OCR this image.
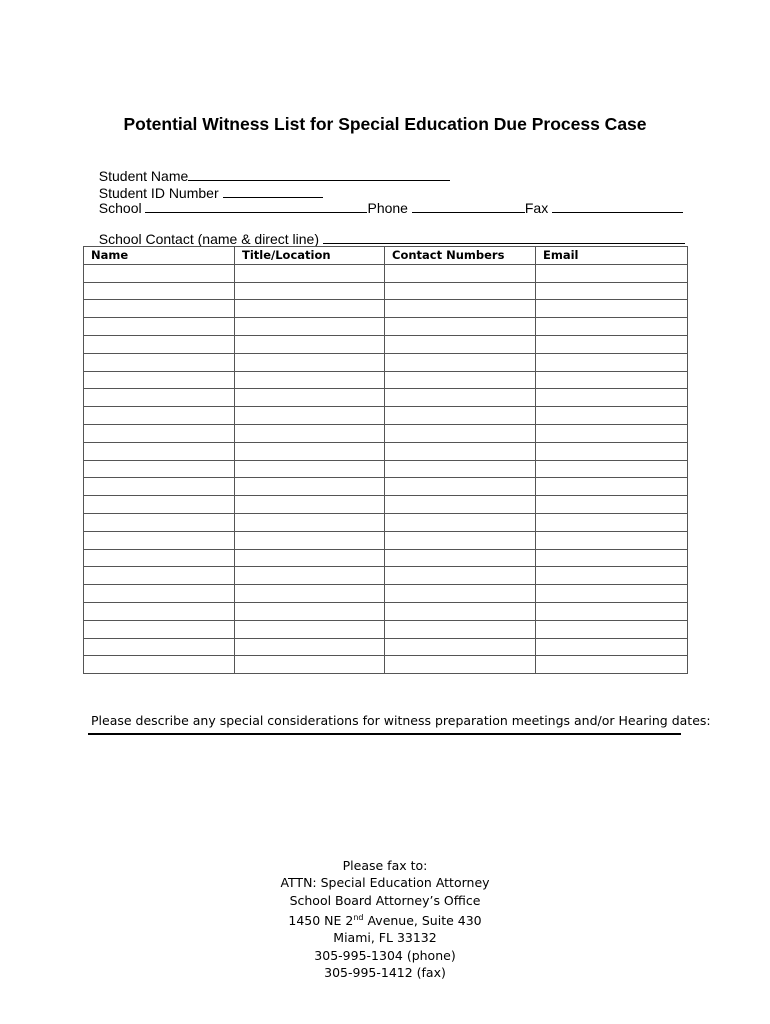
Potential Witness List for Special Education Due Process Case

Student Name
Student ID Number

School	Phone	Fax

School Contact (name & direct line)

Name	Title/Location	Contact Numbers	Email

Please describe any special considerations for witness preparation meetings and/or Hearing dates:
Please fax to:
ATTN: Special Education Attorney
School Board Attorney’s Office
1450 NE 2nd Avenue, Suite 430
Miami, FL 33132
305-995-1304 (phone)
305-995-1412 (fax)
